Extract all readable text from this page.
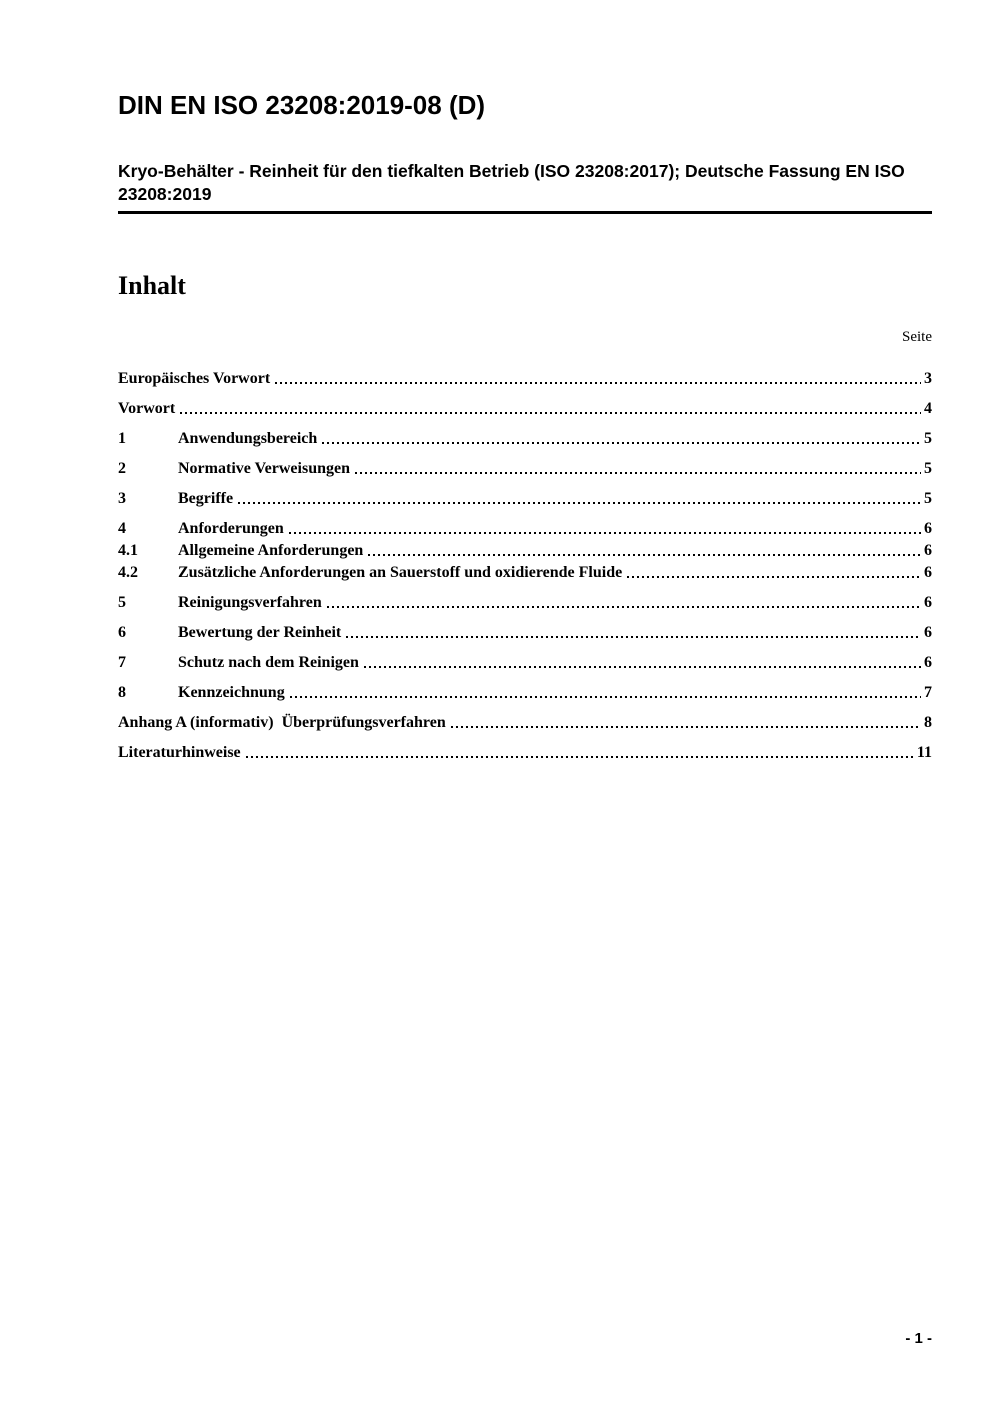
DIN EN ISO 23208:2019-08 (D)
Kryo-Behälter - Reinheit für den tiefkalten Betrieb (ISO 23208:2017); Deutsche Fassung EN ISO 23208:2019
Inhalt
Seite
Europäisches Vorwort	3
Vorwort	4
1	Anwendungsbereich	5
2	Normative Verweisungen	5
3	Begriffe	5
4	Anforderungen	6
4.1	Allgemeine Anforderungen	6
4.2	Zusätzliche Anforderungen an Sauerstoff und oxidierende Fluide	6
5	Reinigungsverfahren	6
6	Bewertung der Reinheit	6
7	Schutz nach dem Reinigen	6
8	Kennzeichnung	7
Anhang A (informativ)  Überprüfungsverfahren	8
Literaturhinweise	11
- 1 -
